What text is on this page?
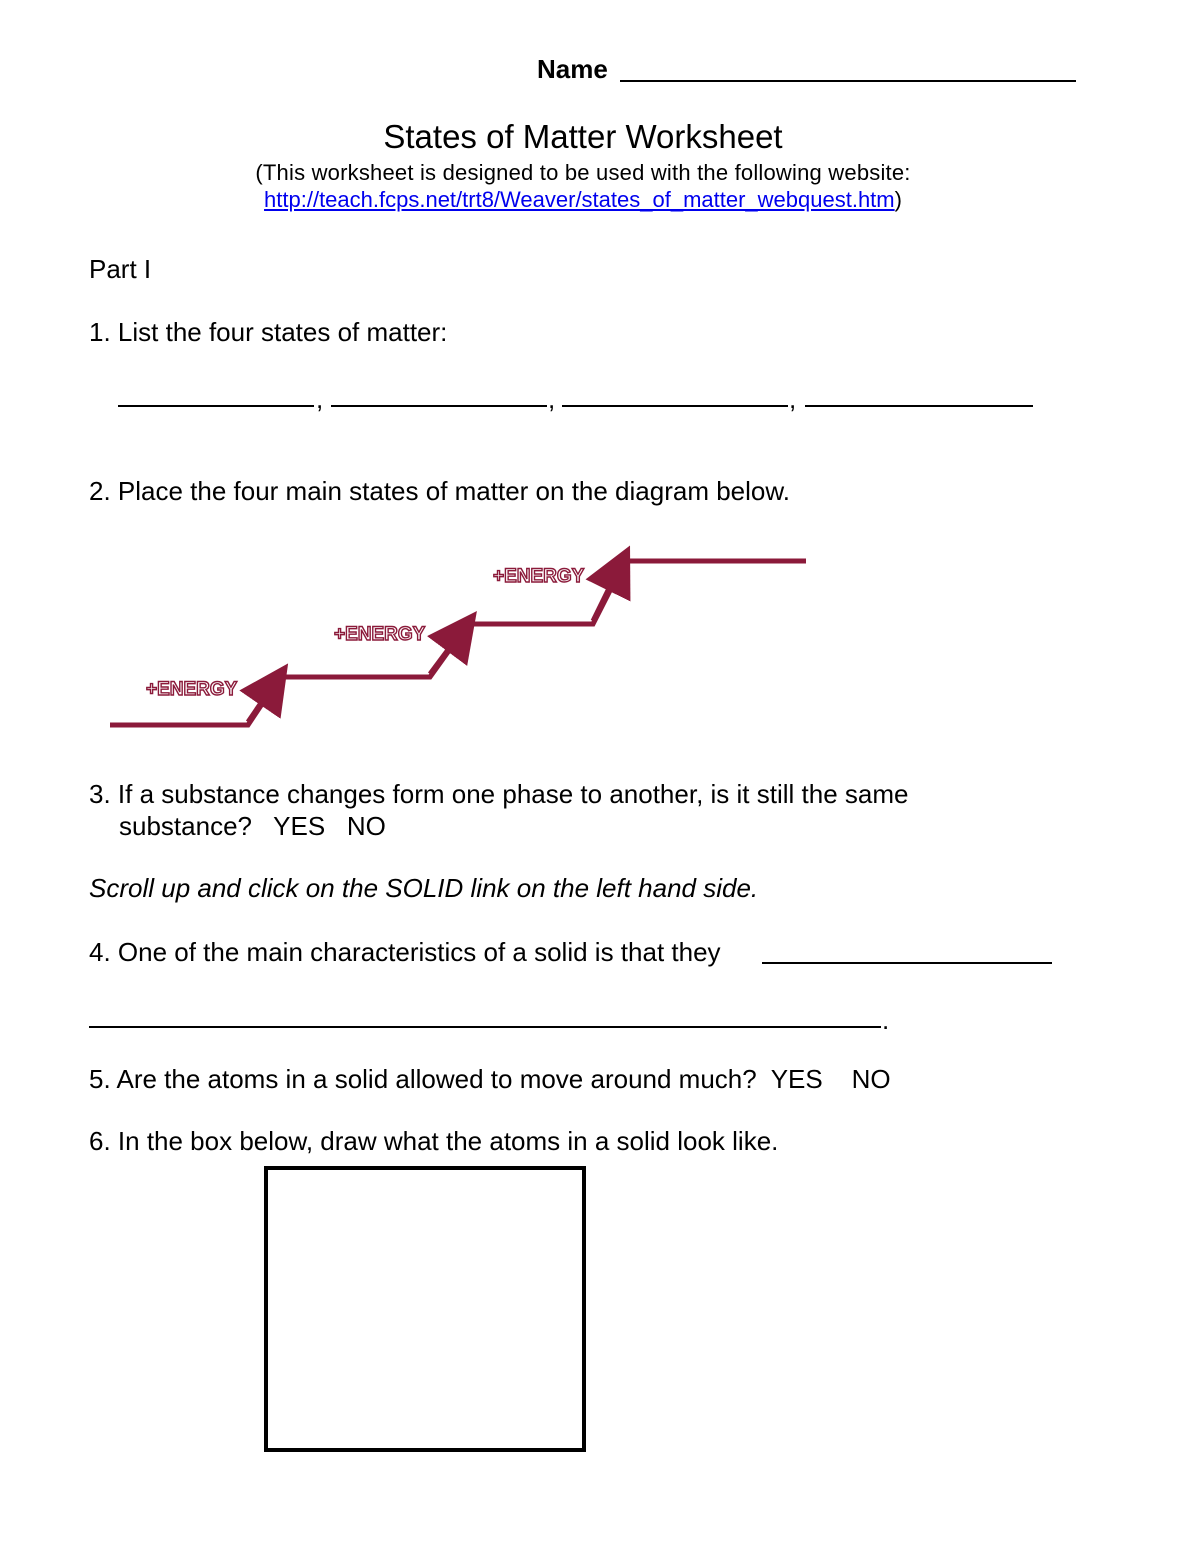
Name
States of Matter Worksheet
(This worksheet is designed to be used with the following website:
http://teach.fcps.net/trt8/Weaver/states_of_matter_webquest.htm)
Part I
1. List the four states of matter:
,	,	,
2. Place the four main states of matter on the diagram below.
+ENERGY
+ENERGY
+ENERGY
3. If a substance changes form one phase to another, is it still the same
substance?   YES   NO
Scroll up and click on the SOLID link on the left hand side.
4. One of the main characteristics of a solid is that they
.
5. Are the atoms in a solid allowed to move around much?  YES    NO
6. In the box below, draw what the atoms in a solid look like.
